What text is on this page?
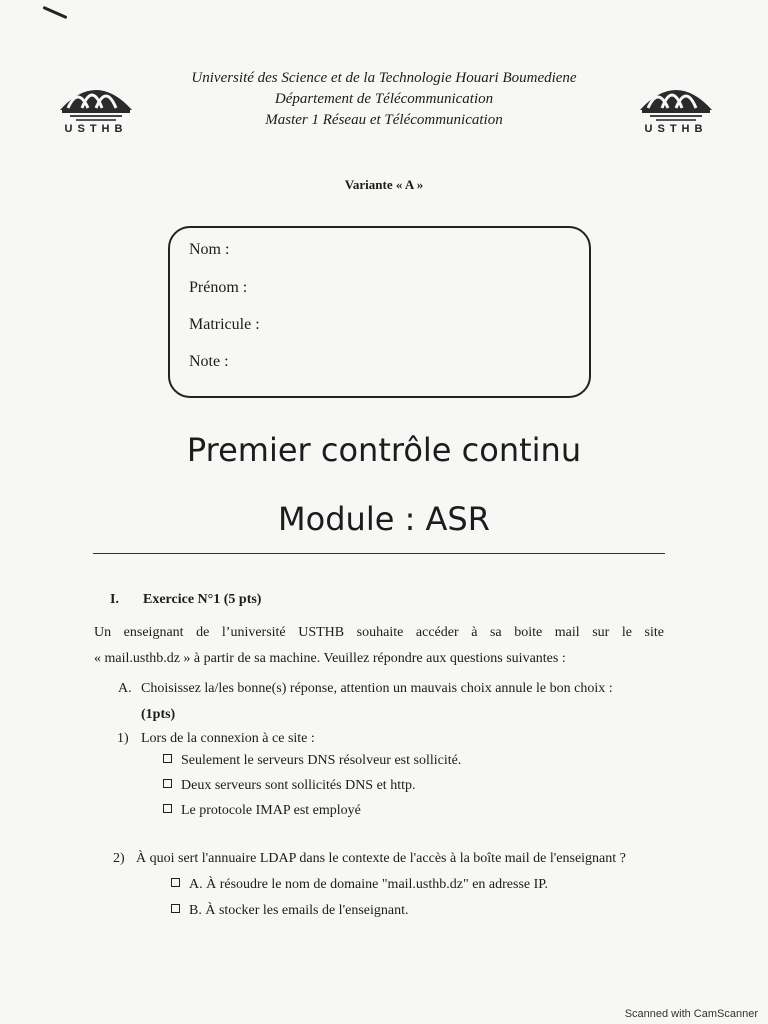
USTHB	USTHB
Université des Science et de la Technologie Houari Boumediene
Département de Télécommunication
Master 1 Réseau et Télécommunication
Variante « A »
Nom :
Prénom :
Matricule :
Note :
Premier contrôle continu
Module : ASR
I. Exercice N°1 (5 pts)
Un enseignant de l’université USTHB souhaite accéder à sa boite mail sur le site
« mail.usthb.dz » à partir de sa machine. Veuillez répondre aux questions suivantes :
A. Choisissez la/les bonne(s) réponse, attention un mauvais choix annule le bon choix :
(1pts)
1) Lors de la connexion à ce site :
Seulement le serveurs DNS résolveur est sollicité.
Deux serveurs sont sollicités DNS et http.
Le protocole IMAP est employé
2) À quoi sert l'annuaire LDAP dans le contexte de l'accès à la boîte mail de l'enseignant ?
A. À résoudre le nom de domaine "mail.usthb.dz" en adresse IP.
B. À stocker les emails de l'enseignant.
Scanned with CamScanner
